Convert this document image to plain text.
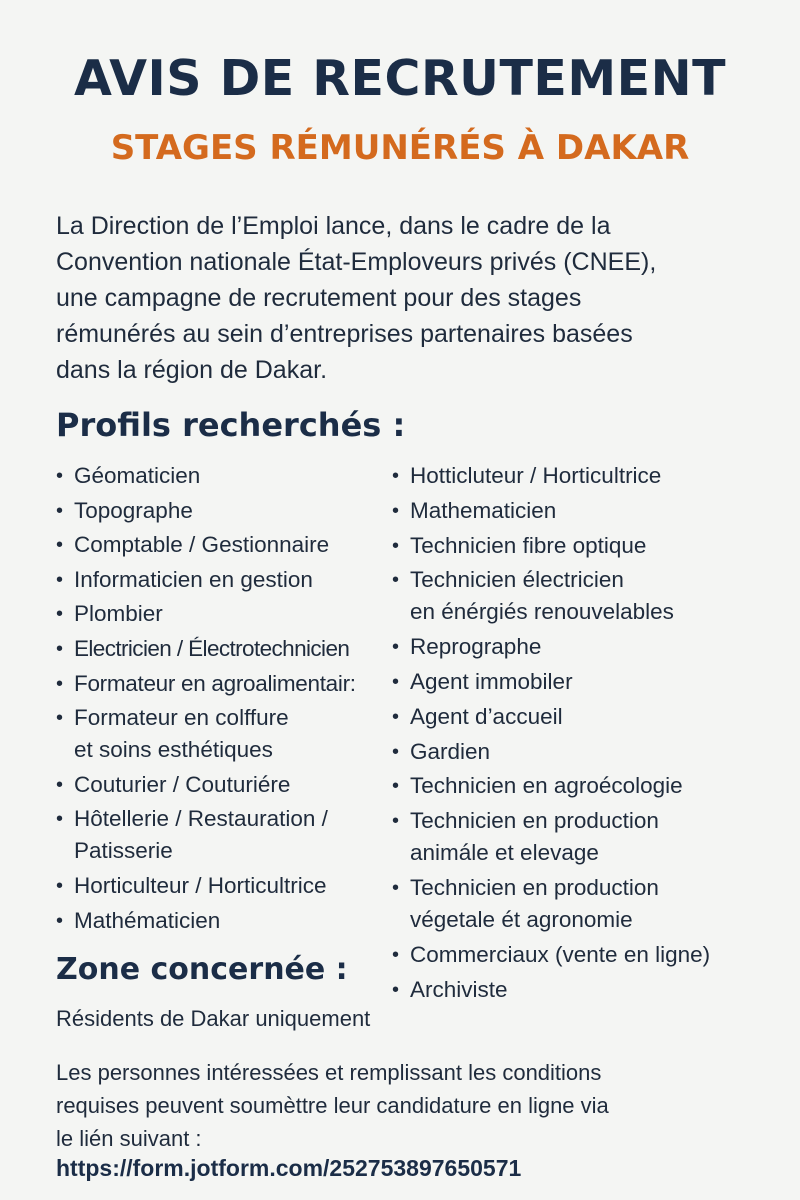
AVIS DE RECRUTEMENT
STAGES RÉMUNÉRÉS À DAKAR
La Direction de l’Emploi lance, dans le cadre de la
Convention nationale État-Emploveurs privés (CNEE),
une campagne de recrutement pour des stages
rémunérés au sein d’entreprises partenaires basées
dans la région de Dakar.
Profils recherchés :
• Géomaticien
• Topographe
• Comptable / Gestionnaire
• Informaticien en gestion
• Plombier
• Electricien / Électrotechnicien
• Formateur en agroalimentair:
• Formateur en colffure
et soins esthétiques
• Couturier / Couturiére
• Hôtellerie / Restauration /
Patisserie
• Horticulteur / Horticultrice
• Mathématicien
• Hotticluteur / Horticultrice
• Mathematicien
• Technicien fibre optique
• Technicien électricien
en énérgiés renouvelables
• Reprographe
• Agent immobiler
• Agent d’accueil
• Gardien
• Technicien en agroécologie
• Technicien en production
animále et elevage
• Technicien en production
végetale ét agronomie
• Commerciaux (vente en ligne)
• Archiviste
Zone concernée :
Résidents de Dakar uniquement
Les personnes intéressées et remplissant les conditions
requises peuvent soumèttre leur candidature en ligne via
le lién suivant :
https://form.jotform.com/252753897650571
